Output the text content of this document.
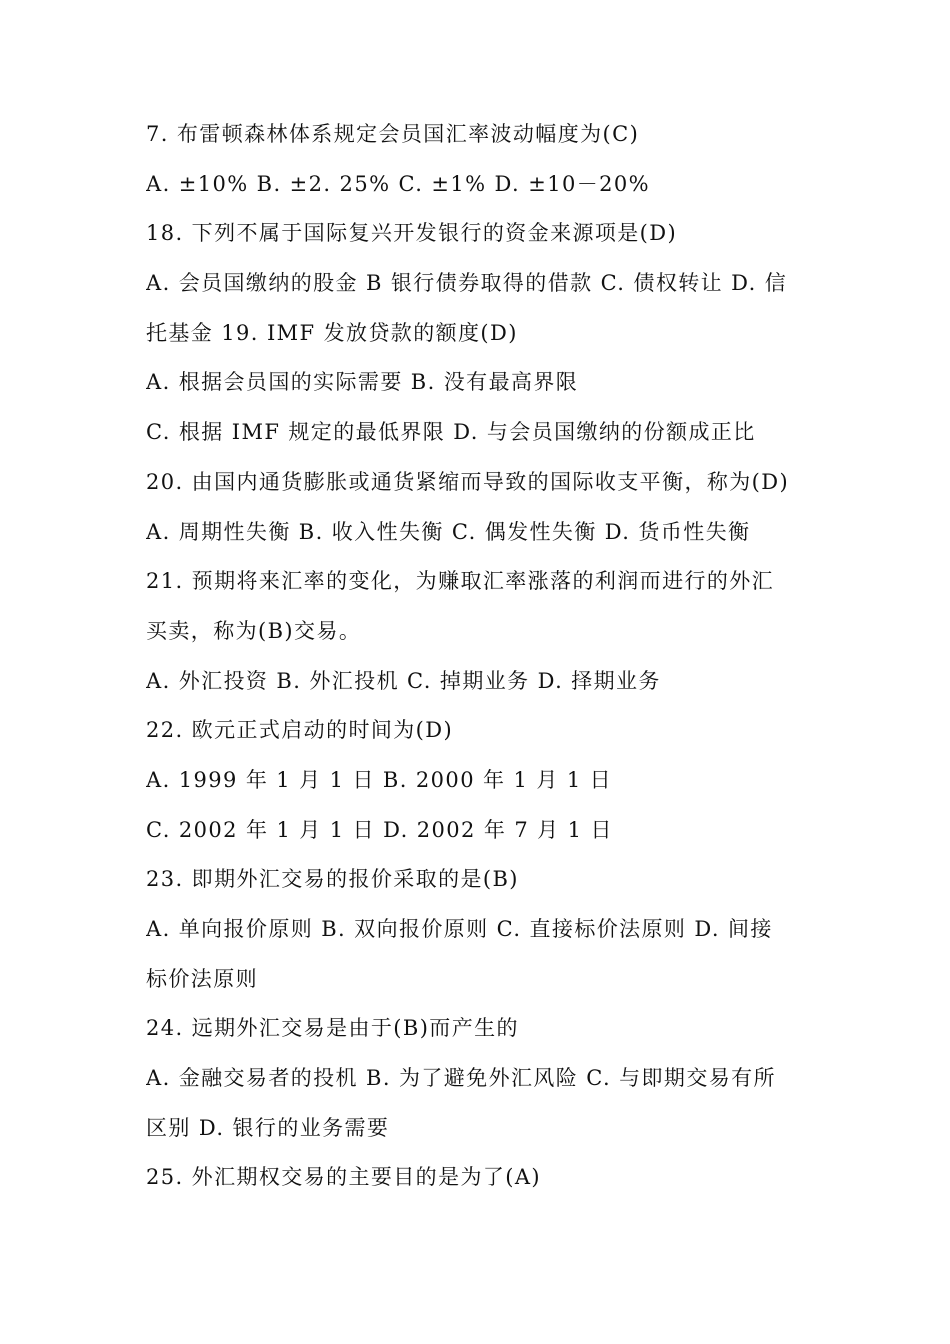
7. 布雷顿森林体系规定会员国汇率波动幅度为(C)
A. ±10% B. ±2. 25% C. ±1% D. ±10－20%
18. 下列不属于国际复兴开发银行的资金来源项是(D)
A. 会员国缴纳的股金 B 银行债券取得的借款 C. 债权转让 D. 信
托基金 19. IMF 发放贷款的额度(D)
A. 根据会员国的实际需要 B. 没有最高界限
C. 根据 IMF 规定的最低界限 D. 与会员国缴纳的份额成正比
20. 由国内通货膨胀或通货紧缩而导致的国际收支平衡，称为(D)
A. 周期性失衡 B. 收入性失衡 C. 偶发性失衡 D. 货币性失衡
21. 预期将来汇率的变化，为赚取汇率涨落的利润而进行的外汇
买卖，称为(B)交易。
A. 外汇投资 B. 外汇投机 C. 掉期业务 D. 择期业务
22. 欧元正式启动的时间为(D)
A. 1999 年 1 月 1 日 B. 2000 年 1 月 1 日
C. 2002 年 1 月 1 日 D. 2002 年 7 月 1 日
23. 即期外汇交易的报价采取的是(B)
A. 单向报价原则 B. 双向报价原则 C. 直接标价法原则 D. 间接
标价法原则
24. 远期外汇交易是由于(B)而产生的
A. 金融交易者的投机 B. 为了避免外汇风险 C. 与即期交易有所
区别 D. 银行的业务需要
25. 外汇期权交易的主要目的是为了(A)
